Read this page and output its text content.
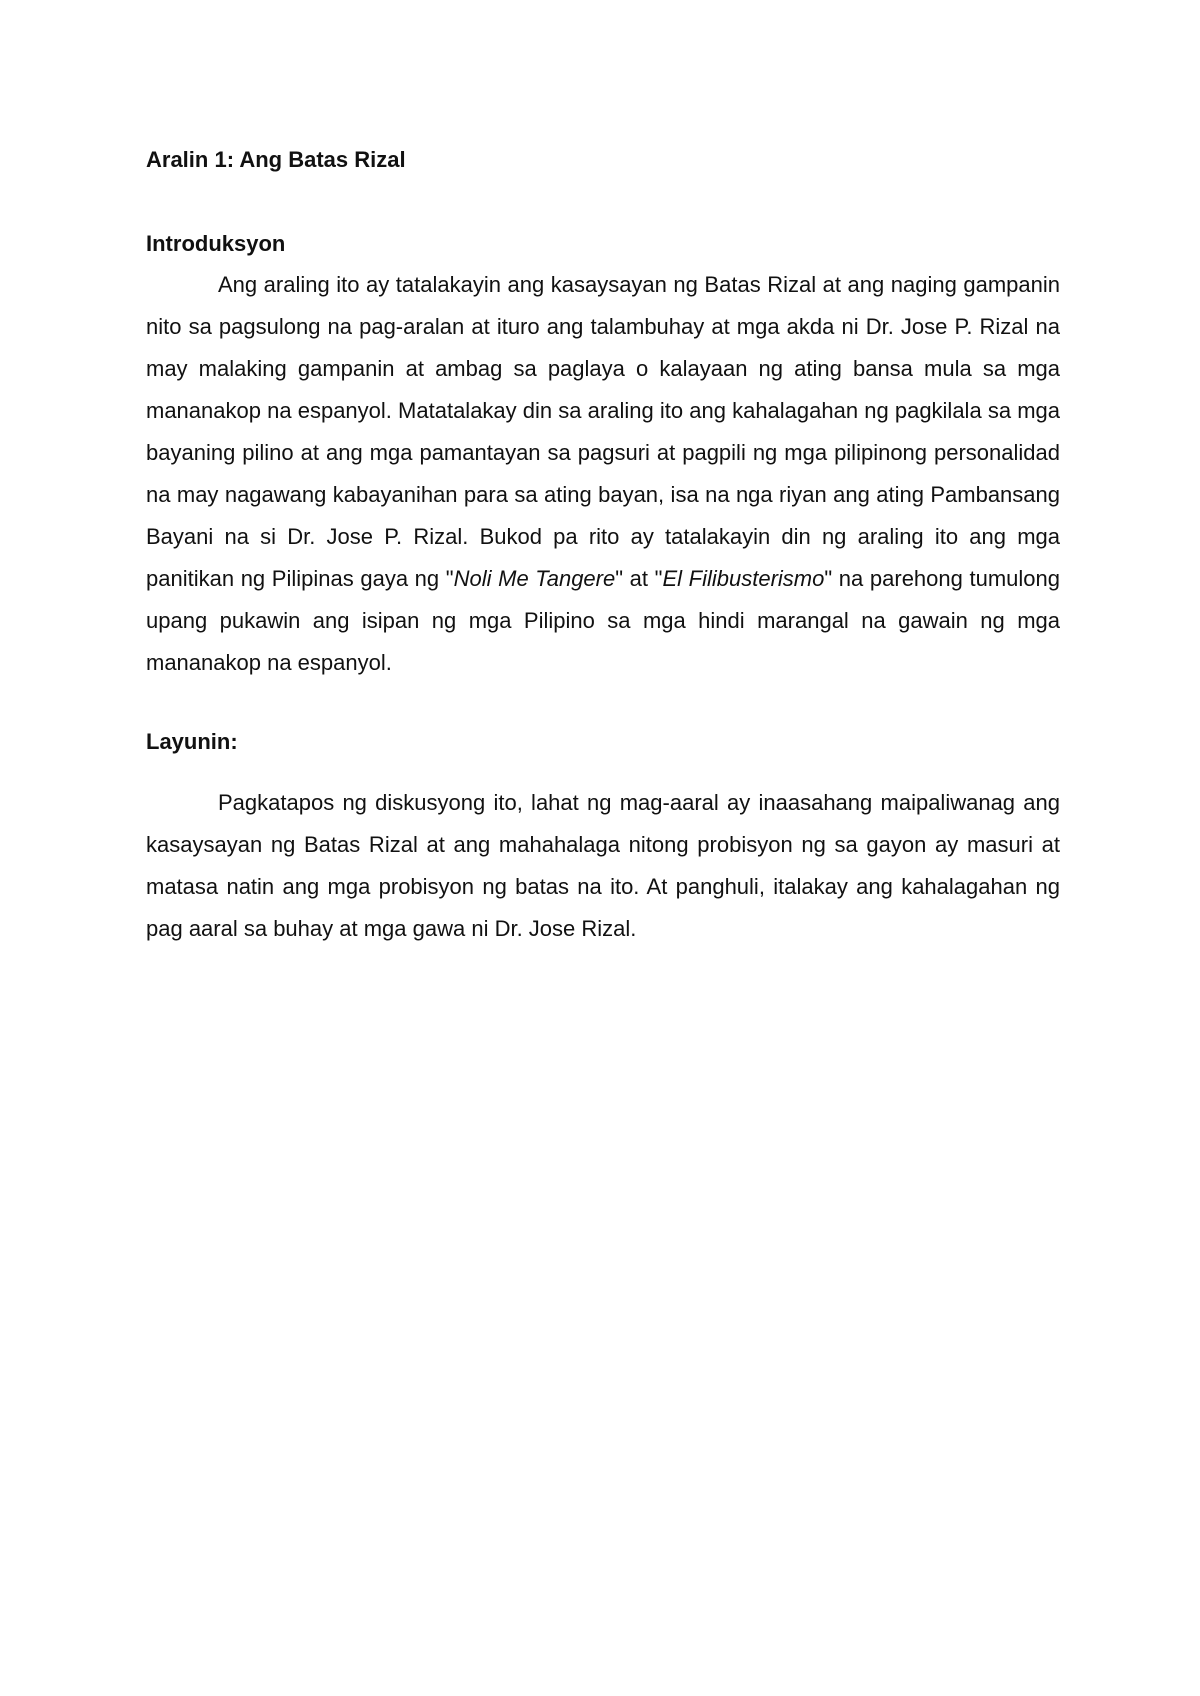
Aralin 1: Ang Batas Rizal
Introduksyon

Ang araling ito ay tatalakayin ang kasaysayan ng Batas Rizal at ang naging gampanin nito sa pagsulong na pag-aralan at ituro ang talambuhay at mga akda ni Dr. Jose P. Rizal na may malaking gampanin at ambag sa paglaya o kalayaan ng ating bansa mula sa mga mananakop na espanyol. Matatalakay din sa araling ito ang kahalagahan ng pagkilala sa mga bayaning pilino at ang mga pamantayan sa pagsuri at pagpili ng mga pilipinong personalidad na may nagawang kabayanihan para sa ating bayan, isa na nga riyan ang ating Pambansang Bayani na si Dr. Jose P. Rizal. Bukod pa rito ay tatalakayin din ng araling ito ang mga panitikan ng Pilipinas gaya ng "Noli Me Tangere" at "El Filibusterismo" na parehong tumulong upang pukawin ang isipan ng mga Pilipino sa mga hindi marangal na gawain ng mga mananakop na espanyol.

Layunin:

Pagkatapos ng diskusyong ito, lahat ng mag-aaral ay inaasahang maipaliwanag ang kasaysayan ng Batas Rizal at ang mahahalaga nitong probisyon ng sa gayon ay masuri at matasa natin ang mga probisyon ng batas na ito. At panghuli, italakay ang kahalagahan ng pag aaral sa buhay at mga gawa ni Dr. Jose Rizal.
